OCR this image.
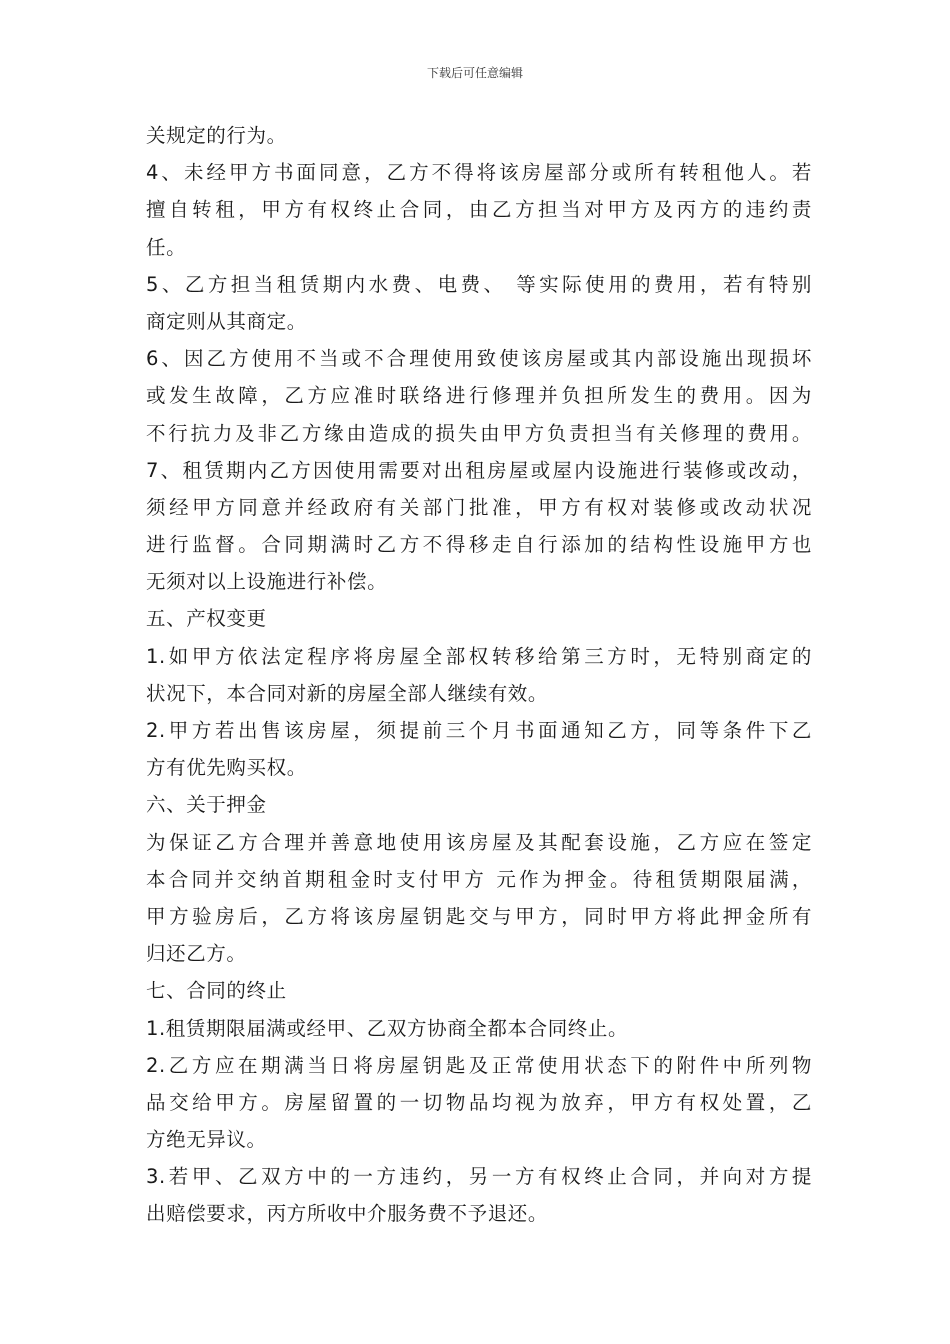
下载后可任意编辑
关规定的行为。
4、未经甲方书面同意，乙方不得将该房屋部分或所有转租他人。若
擅自转租，甲方有权终止合同，由乙方担当对甲方及丙方的违约责
任。
5、乙方担当租赁期内水费、电费、 等实际使用的费用，若有特别
商定则从其商定。
6、因乙方使用不当或不合理使用致使该房屋或其内部设施出现损坏
或发生故障，乙方应准时联络进行修理并负担所发生的费用。因为
不行抗力及非乙方缘由造成的损失由甲方负责担当有关修理的费用。
7、租赁期内乙方因使用需要对出租房屋或屋内设施进行装修或改动，
须经甲方同意并经政府有关部门批准，甲方有权对装修或改动状况
进行监督。合同期满时乙方不得移走自行添加的结构性设施甲方也
无须对以上设施进行补偿。
五、产权变更
1.如甲方依法定程序将房屋全部权转移给第三方时，无特别商定的
状况下，本合同对新的房屋全部人继续有效。
2.甲方若出售该房屋，须提前三个月书面通知乙方，同等条件下乙
方有优先购买权。
六、关于押金
为保证乙方合理并善意地使用该房屋及其配套设施，乙方应在签定
本合同并交纳首期租金时支付甲方 元作为押金。待租赁期限届满，
甲方验房后，乙方将该房屋钥匙交与甲方，同时甲方将此押金所有
归还乙方。
七、合同的终止
1.租赁期限届满或经甲、乙双方协商全都本合同终止。
2.乙方应在期满当日将房屋钥匙及正常使用状态下的附件中所列物
品交给甲方。房屋留置的一切物品均视为放弃，甲方有权处置，乙
方绝无异议。
3.若甲、乙双方中的一方违约，另一方有权终止合同，并向对方提
出赔偿要求，丙方所收中介服务费不予退还。
